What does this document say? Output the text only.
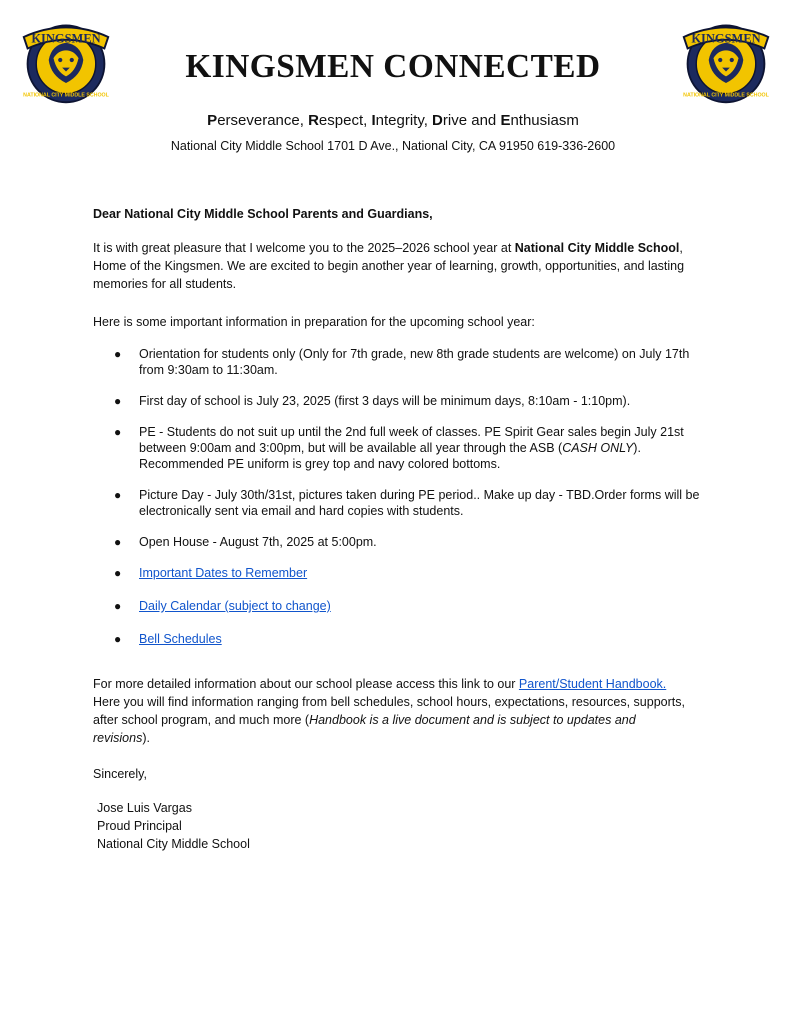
KINGSMEN
NATIONAL CITY MIDDLE SCHOOL
KINGSMEN
NATIONAL CITY MIDDLE SCHOOL
KINGSMEN CONNECTED
Perseverance, Respect, Integrity, Drive and Enthusiasm
National City Middle School 1701 D Ave., National City, CA 91950 619-336-2600
Dear National City Middle School Parents and Guardians,
It is with great pleasure that I welcome you to the 2025–2026 school year at National City Middle School, Home of the Kingsmen. We are excited to begin another year of learning, growth, opportunities, and lasting memories for all students.
Here is some important information in preparation for the upcoming school year:
● Orientation for students only (Only for 7th grade, new 8th grade students are welcome) on July 17th from 9:30am to 11:30am.
● First day of school is July 23, 2025 (first 3 days will be minimum days, 8:10am - 1:10pm).
● PE - Students do not suit up until the 2nd full week of classes. PE Spirit Gear sales begin July 21st between 9:00am and 3:00pm, but will be available all year through the ASB (CASH ONLY). Recommended PE uniform is grey top and navy colored bottoms.
● Picture Day - July 30th/31st, pictures taken during PE period.. Make up day - TBD.Order forms will be electronically sent via email and hard copies with students.
● Open House - August 7th, 2025 at 5:00pm.
● Important Dates to Remember
● Daily Calendar (subject to change)
● Bell Schedules
For more detailed information about our school please access this link to our Parent/Student Handbook. Here you will find information ranging from bell schedules, school hours, expectations, resources, supports, after school program, and much more (Handbook is a live document and is subject to updates and revisions).
Sincerely,
Jose Luis Vargas
Proud Principal
National City Middle School
